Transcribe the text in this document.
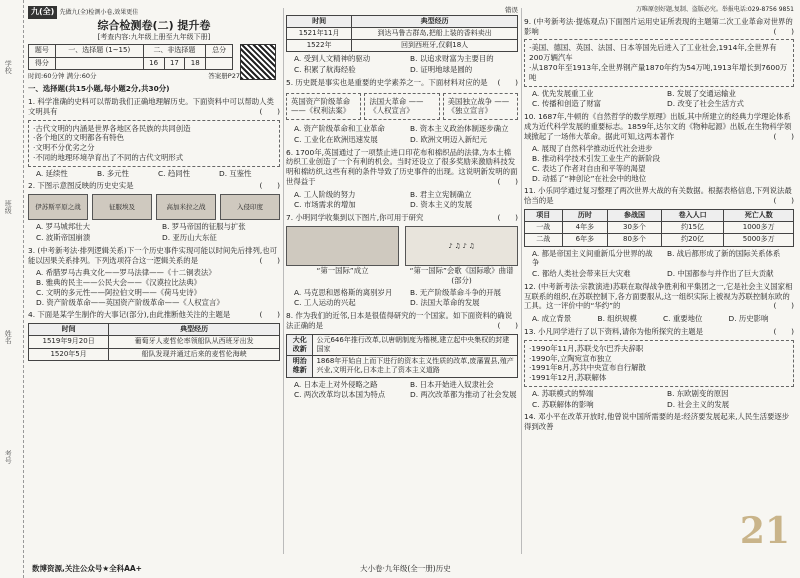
学校
班级
姓名
考号
九(全) 先做九(全)检测小卷,效果更佳
综合检测卷(二) 提升卷
[考查内容:九年级上册至九年级下册]
题号	一、选择题 (1~15)	二、非选择题			总分
得分		16	17	18	
时间:60分钟 满分:60分	答案册P27
一、选择题(共15小题,每小题2分,共30分)
1. 科学准确的史料可以帮助我们正确地理解历史。下面资料中可以帮助人类文明具有	(　　)
·古代文明的内涵是世界各地区各民族的共同创造
·各个地区的文明都各有特色
·文明不分优劣之分
·不同的地理环境孕育出了不同的古代文明形式
A. 延续性	B. 多元性	C. 趋同性	D. 互鉴性
2. 下图示意图反映的历史史实是	(　　)
伊苏斯平原之战	征服埃及	高加米拉之战	入侵印度
A. 罗马城邦壮大	B. 罗马帝国的征服与扩张
C. 波斯帝国崩溃	D. 亚历山大东征
3. (中考新考法·排列逻辑关系)下一个历史事件实现可能以时间先后排列,也可能以因果关系排列。下列选项符合这一逻辑关系的是	(　　)
A. 希腊罗马古典文化——罗马法律——《十二铜表法》
B. 雅典的民主——公民大会——《汉谟拉比法典》
C. 文明的多元性——阿拉伯文明——《荷马史诗》
D. 资产阶级革命——英国资产阶级革命——《人权宣言》
4. 下面是某学生制作的大事记(部分),由此推断他关注的主题是	(　　)
时间	典型经历
1519年9月20日	葡萄牙人麦哲伦率领船队从西班牙出发
1520年5月	船队发现并通过后来的麦哲伦海峡
数博资源,关注公众号★全科AA+
错误
时间	典型经历
1521年11月	到达马鲁古群岛,把船上装的香料卖出
1522年	回到西班牙,仅剩18人
A. 受到人文精神的驱动	B. 以追求财富为主要目的
C. 积累了航海经验	D. 证明地球是圆的
5. 历史既是事实也是重要的史学素养之一。下面材料对应的是 (　　)
英国资产阶级革命 ——《权利法案》
法国大革命 ——《人权宣言》
美国独立战争 ——《独立宣言》
A. 资产阶级革命和工业革命	B. 资本主义政治体制逐步确立
C. 工业化在欧洲迅速发展	D. 欧洲文明迈入新纪元
6. 1700年,英国通过了一项禁止进口印花布和棉织品的法律,为本土棉纺织工业创造了一个有利的机会。当时还设立了很多奖励来激励科技发明和棉纺织,这些有利的条件导致了历史事件的出现。这说明新发明的面世得益于	(　　)
A. 工人阶级的努力	B. 君主立宪制确立
C. 市场需求的增加	D. 资本主义的发展
7. 小明同学收集到以下图片,你可用于研究	(　　)
“第一国际”成立
♪ ♫ ♪ ♫
“第一国际”会歌《国际歌》曲谱(部分)
A. 马克思和恩格斯的离别岁月	B. 无产阶级革命斗争的开展
C. 工人运动的兴起	D. 法国大革命的发展
8. 作为我们的近邻,日本是很值得研究的一个国家。如下面资料的确说法正确的是	(　　)
大化改新	公元646年推行改革,以唐朝制度为楷模,建立起中央集权的封建国家
明治维新	1868年开始自上而下进行的资本主义性质的改革,废藩置县,殖产兴业,文明开化,日本走上了资本主义道路
A. 日本走上对外侵略之路	B. 日本开始进入奴隶社会
C. 两次改革均以本国为特点	D. 两次改革都为推动了社会发展
大小卷·九年级(全一册)历史
万唯原创好题,复制、盗版必究。举报电话:029-8756 9851
9. (中考新考法·提炼观点)下面图片运用史证所表现的主题第二次工业革命对世界的影响	(　　)
·美国、德国、英国、法国、日本等国先后进入了工业社会,1914年,全世界有200万辆汽车
·从1870年至1913年,全世界钢产量1870年约为54万吨,1913年增长到7600万吨
A. 优先发展重工业	B. 发展了交通运输业
C. 传播和创造了财富	D. 改变了社会生活方式
10. 1687年,牛顿的《自然哲学的数学原理》出版,其中所建立的经典力学理论体系成为近代科学发展的重要标志。1859年,达尔文的《物种起源》出版,在生物科学领域掀起了一场伟大革命。据此可知,这两本著作	(　　)
A. 展现了自然科学推动近代社会进步
B. 推动科学技术引发工业生产的新阶段
C. 表达了作者对自由和平等的渴望
D. 动摇了“神创论”在社会中的地位
11. 小乐同学通过复习整理了两次世界大战的有关数据。根据表格信息,下列说法最恰当的是	(　　)
项目	历时	参战国	卷入人口	死亡人数
一战	4年多	30多个	约15亿	1000多万
二战	6年多	80多个	约20亿	5000多万
A. 都是帝国主义间重新瓜分世界的战争
B. 战后都形成了新的国际关系体系
C. 都给人类社会带来巨大灾难	D. 中国都参与并作出了巨大贡献
12. (中考新考法·宗教演进)苏联在取得战争胜利和平集团之一,它是社会主义国家相互联系的组织,在苏联控制下,各方面要服从,这一组织实际上被视为苏联控制东欧的工具。这一评价中的“华约”的	(　　)
A. 成立背景	B. 组织规模	C. 重要地位	D. 历史影响
13. 小凡同学进行了以下资料,请你为他所探究的主题是	(　　)
·1990年11月,苏联戈尔巴乔夫辞职
·1990年,立陶宛宣布独立
·1991年8月,苏共中央宣布自行解散
·1991年12月,苏联解体
A. 苏联模式的弊端	B. 东欧剧变的原因
C. 苏联解体的影响	D. 社会主义的发展
14. 邓小平在改革开放时,他曾说中国所需要的是:经济要发展起来,人民生活要逐步得到改善
21
